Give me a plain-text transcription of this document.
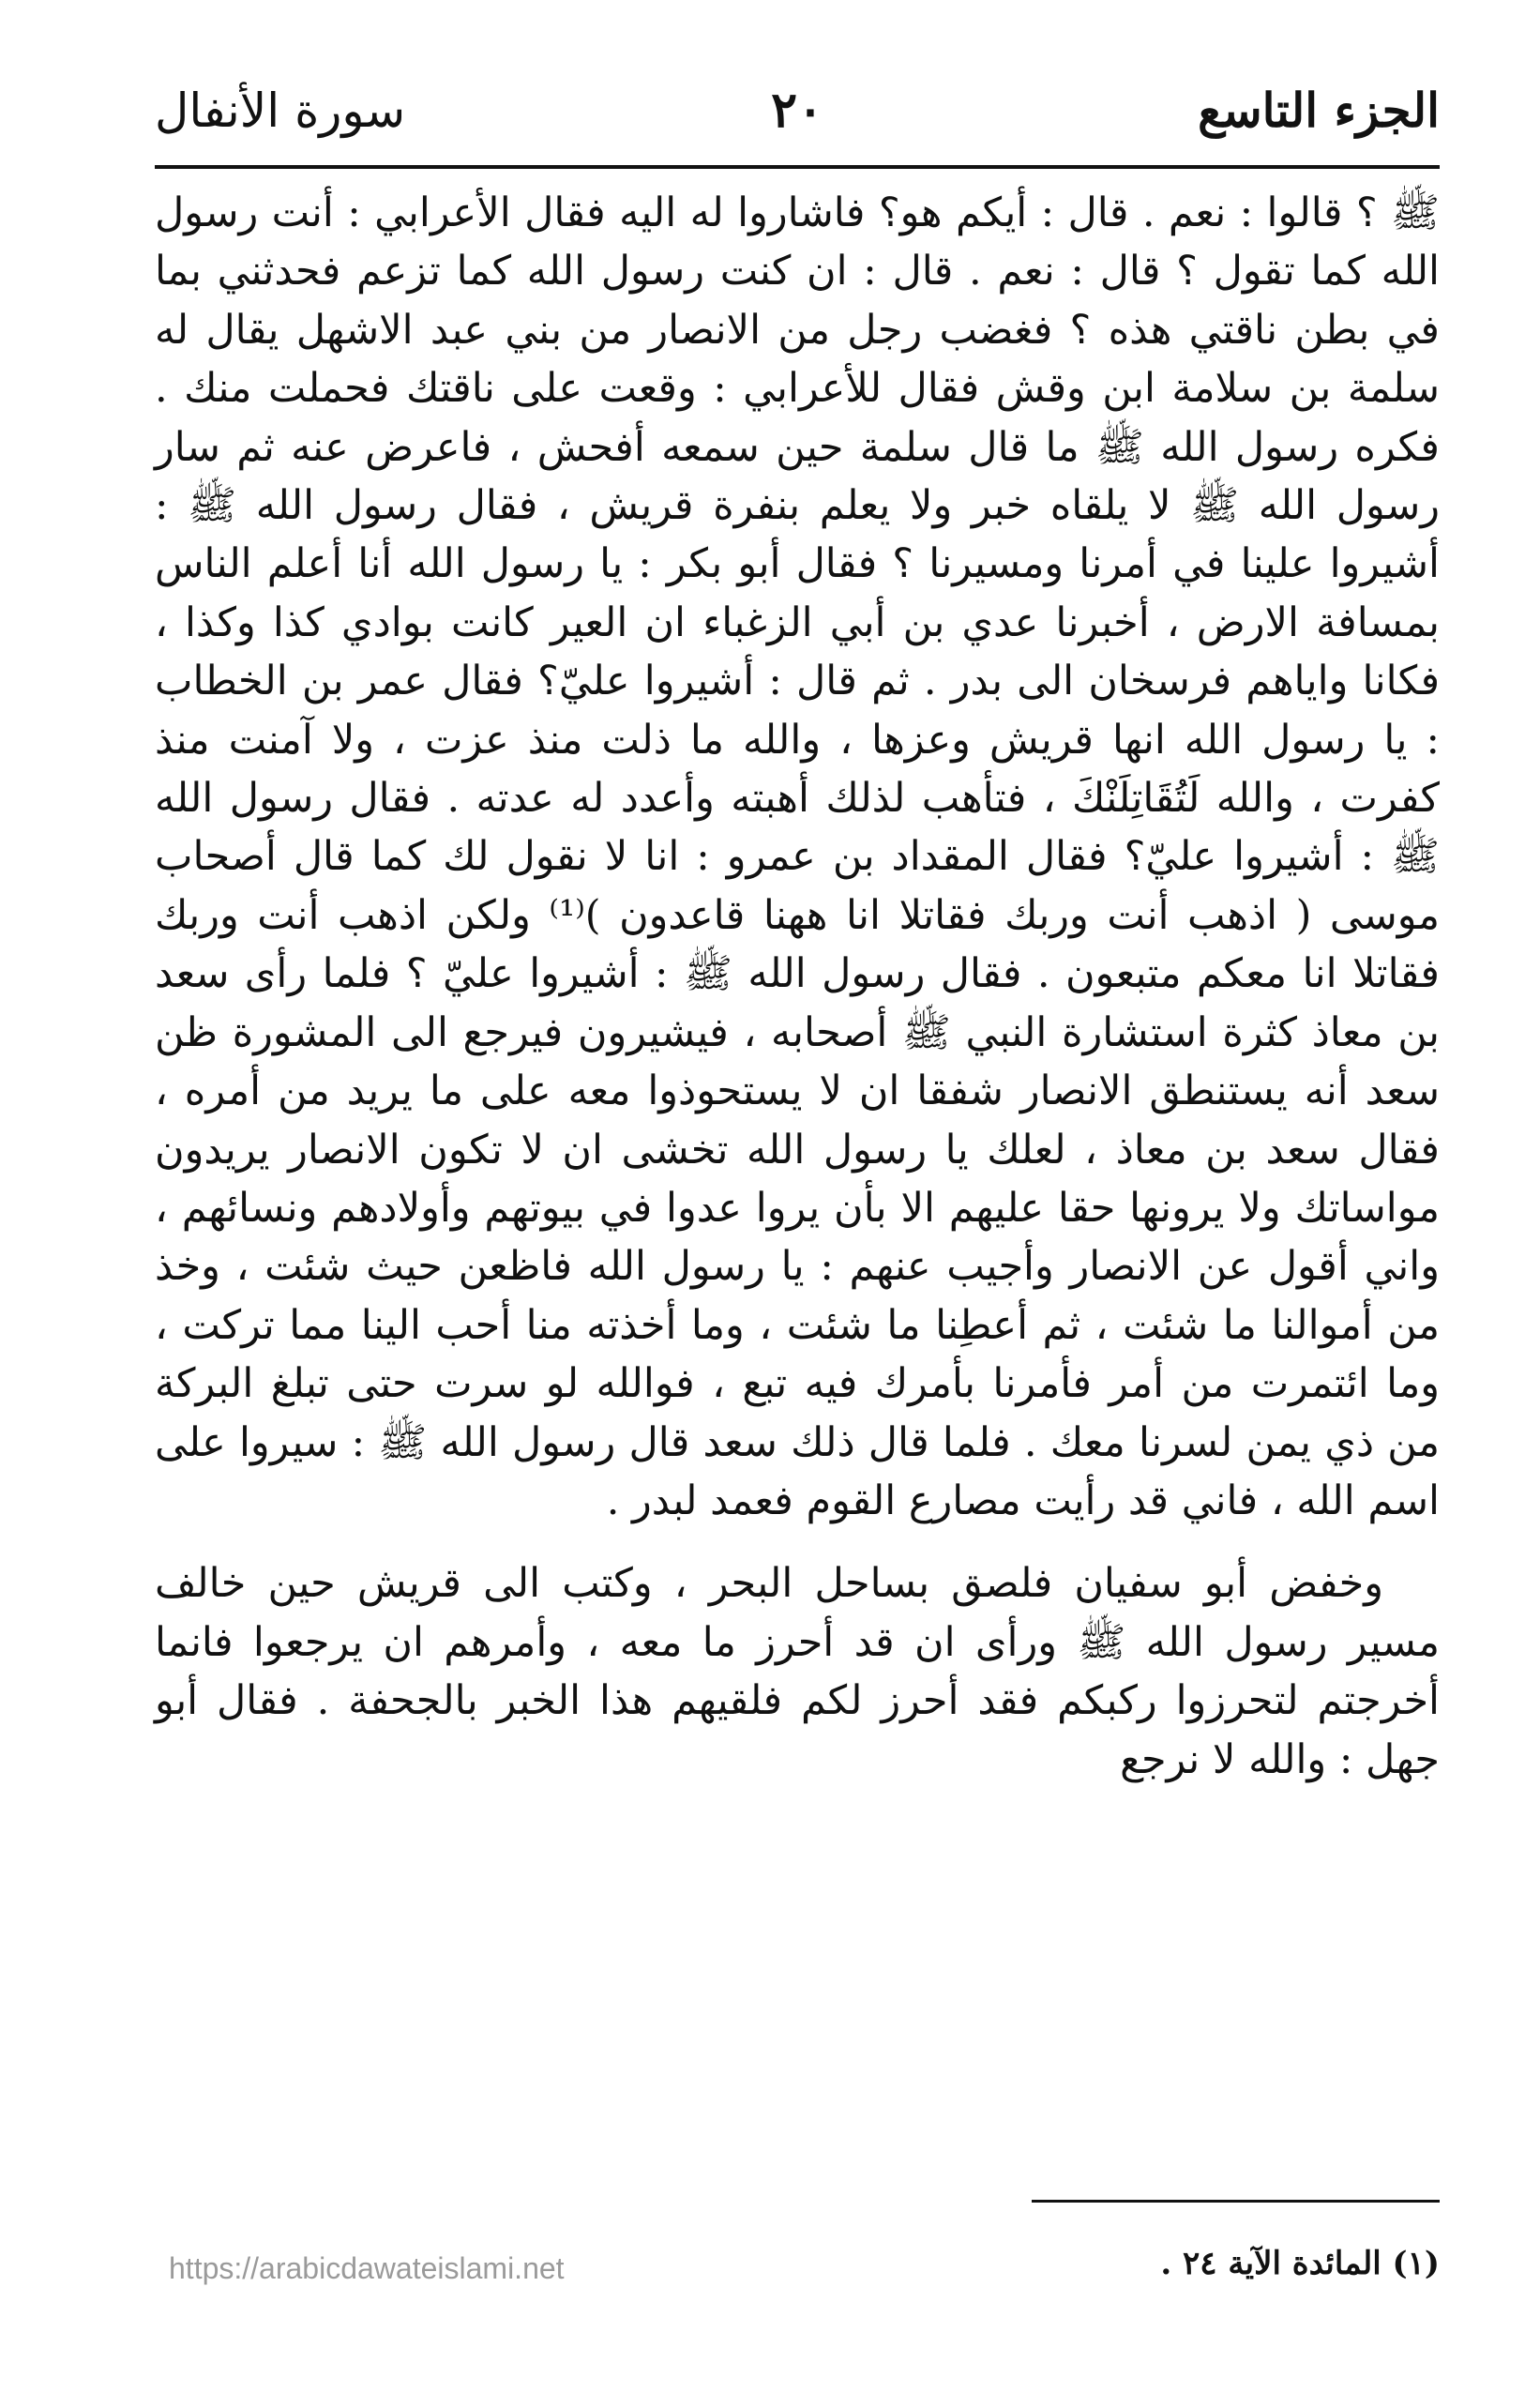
الجزء التاسع
٢٠
سورة الأنفال

ﷺ ؟ قالوا : نعم . قال : أيكم هو؟ فاشاروا له اليه فقال الأعرابي : أنت رسول الله كما تقول ؟ قال : نعم . قال : ان كنت رسول الله كما تزعم فحدثني بما في بطن ناقتي هذه ؟ فغضب رجل من الانصار من بني عبد الاشهل يقال له سلمة بن سلامة ابن وقش فقال للأعرابي : وقعت على ناقتك فحملت منك . فكره رسول الله ﷺ ما قال سلمة حين سمعه أفحش ، فاعرض عنه ثم سار رسول الله ﷺ لا يلقاه خبر ولا يعلم بنفرة قريش ، فقال رسول الله ﷺ : أشيروا علينا في أمرنا ومسيرنا ؟ فقال أبو بكر : يا رسول الله أنا أعلم الناس بمسافة الارض ، أخبرنا عدي بن أبي الزغباء ان العير كانت بوادي كذا وكذا ، فكانا واياهم فرسخان الى بدر . ثم قال : أشيروا عليّ؟ فقال عمر بن الخطاب : يا رسول الله انها قريش وعزها ، والله ما ذلت منذ عزت ، ولا آمنت منذ كفرت ، والله لَتُقَاتِلَنْكَ ، فتأهب لذلك أهبته وأعدد له عدته . فقال رسول الله ﷺ : أشيروا عليّ؟ فقال المقداد بن عمرو : انا لا نقول لك كما قال أصحاب موسى ( اذهب أنت وربك فقاتلا انا ههنا قاعدون )⁽¹⁾ ولكن اذهب أنت وربك فقاتلا انا معكم متبعون . فقال رسول الله ﷺ : أشيروا عليّ ؟ فلما رأى سعد بن معاذ كثرة استشارة النبي ﷺ أصحابه ، فيشيرون فيرجع الى المشورة ظن سعد أنه يستنطق الانصار شفقا ان لا يستحوذوا معه على ما يريد من أمره ، فقال سعد بن معاذ ، لعلك يا رسول الله تخشى ان لا تكون الانصار يريدون مواساتك ولا يرونها حقا عليهم الا بأن يروا عدوا في بيوتهم وأولادهم ونسائهم ، واني أقول عن الانصار وأجيب عنهم : يا رسول الله فاظعن حيث شئت ، وخذ من أموالنا ما شئت ، ثم أعطِنا ما شئت ، وما أخذته منا أحب الينا مما تركت ، وما ائتمرت من أمر فأمرنا بأمرك فيه تبع ، فوالله لو سرت حتى تبلغ البركة من ذي يمن لسرنا معك . فلما قال ذلك سعد قال رسول الله ﷺ : سيروا على اسم الله ، فاني قد رأيت مصارع القوم فعمد لبدر .

وخفض أبو سفيان فلصق بساحل البحر ، وكتب الى قريش حين خالف مسير رسول الله ﷺ ورأى ان قد أحرز ما معه ، وأمرهم ان يرجعوا فانما أخرجتم لتحرزوا ركبكم فقد أحرز لكم فلقيهم هذا الخبر بالجحفة . فقال أبو جهل : والله لا نرجع

(١) المائدة الآية ٢٤ .
https://arabicdawateislami.net
